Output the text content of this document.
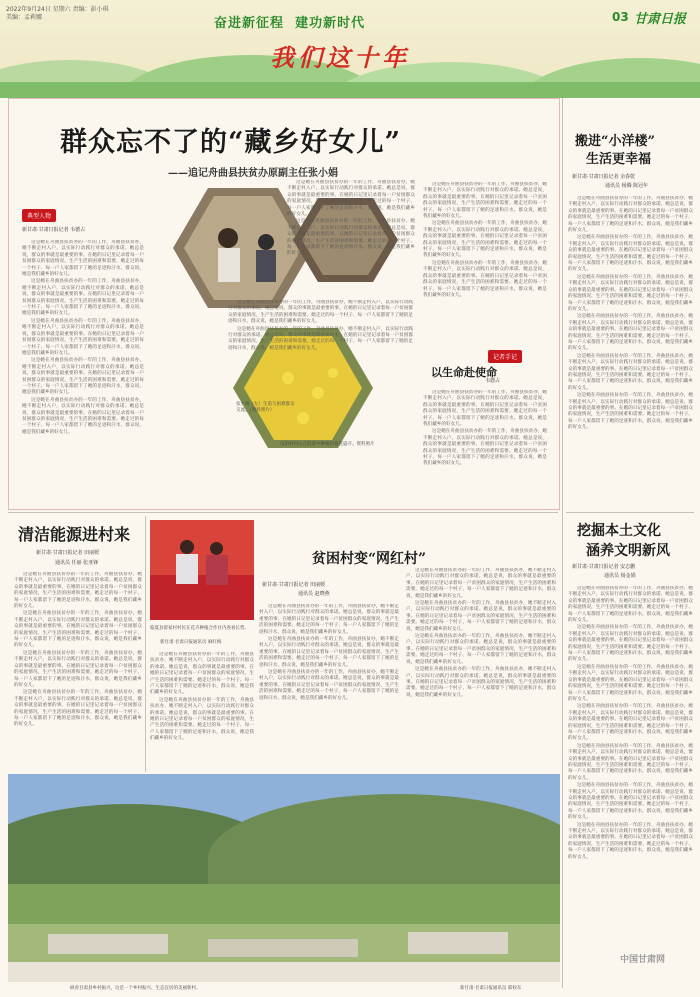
2022年9月24日 星期六 责编：彭小琪
美编：孟莉娜	奋进新征程 建功新时代
我们这十年
03 甘肃日报
群众忘不了的“藏乡好女儿”
——追记舟曲县扶贫办原副主任张小娟
典型人物
新甘肃·甘肃日报记者 韦德占

这是她在舟曲县扶贫办的一年的工作，舟曲县扶贫办，她不断走村入户，以实际行动践行对群众的承诺。她总是说，群众的事就是最重要的事。在她的日记里记录着每一户贫困群众的家庭情况，生产生活的困难和需要。她走过的每一个村子、每一户人家都留下了她的足迹和汗水，群众说，她是我们藏乡的好女儿。

这是她在舟曲县扶贫办的一年的工作，舟曲县扶贫办，她不断走村入户，以实际行动践行对群众的承诺。她总是说，群众的事就是最重要的事。在她的日记里记录着每一户贫困群众的家庭情况，生产生活的困难和需要。她走过的每一个村子、每一户人家都留下了她的足迹和汗水，群众说，她是我们藏乡的好女儿。

这是她在舟曲县扶贫办的一年的工作，舟曲县扶贫办，她不断走村入户，以实际行动践行对群众的承诺。她总是说，群众的事就是最重要的事。在她的日记里记录着每一户贫困群众的家庭情况，生产生活的困难和需要。她走过的每一个村子、每一户人家都留下了她的足迹和汗水，群众说，她是我们藏乡的好女儿。

这是她在舟曲县扶贫办的一年的工作，舟曲县扶贫办，她不断走村入户，以实际行动践行对群众的承诺。她总是说，群众的事就是最重要的事。在她的日记里记录着每一户贫困群众的家庭情况，生产生活的困难和需要。她走过的每一个村子、每一户人家都留下了她的足迹和汗水，群众说，她是我们藏乡的好女儿。

这是她在舟曲县扶贫办的一年的工作，舟曲县扶贫办，她不断走村入户，以实际行动践行对群众的承诺。她总是说，群众的事就是最重要的事。在她的日记里记录着每一户贫困群众的家庭情况，生产生活的困难和需要。她走过的每一个村子、每一户人家都留下了她的足迹和汗水，群众说，她是我们藏乡的好女儿。

张小娟（左）生前与困难群众交流。（资料照片）
瓜咱村村民在院落中种植的菊花盛开。资料照片

这是她在舟曲县扶贫办的一年的工作，舟曲县扶贫办，她不断走村入户，以实际行动践行对群众的承诺。她总是说，群众的事就是最重要的事。在她的日记里记录着每一户贫困群众的家庭情况，生产生活的困难和需要。她走过的每一个村子、每一户人家都留下了她的足迹和汗水，群众说，她是我们藏乡的好女儿。

这是她在舟曲县扶贫办的一年的工作，舟曲县扶贫办，她不断走村入户，以实际行动践行对群众的承诺。她总是说，群众的事就是最重要的事。在她的日记里记录着每一户贫困群众的家庭情况，生产生活的困难和需要。她走过的每一个村子、每一户人家都留下了她的足迹和汗水，群众说，她是我们藏乡的好女儿。

这是她在舟曲县扶贫办的一年的工作，舟曲县扶贫办，她不断走村入户，以实际行动践行对群众的承诺。她总是说，群众的事就是最重要的事。在她的日记里记录着每一户贫困群众的家庭情况，生产生活的困难和需要。她走过的每一个村子、每一户人家都留下了她的足迹和汗水，群众说，她是我们藏乡的好女儿。

这是她在舟曲县扶贫办的一年的工作，舟曲县扶贫办，她不断走村入户，以实际行动践行对群众的承诺。她总是说，群众的事就是最重要的事。在她的日记里记录着每一户贫困群众的家庭情况，生产生活的困难和需要。她走过的每一个村子、每一户人家都留下了她的足迹和汗水，群众说，她是我们藏乡的好女儿。

记者手记
以生命赴使命
韦德占

这是她在舟曲县扶贫办的一年的工作，舟曲县扶贫办，她不断走村入户，以实际行动践行对群众的承诺。她总是说，群众的事就是最重要的事。在她的日记里记录着每一户贫困群众的家庭情况，生产生活的困难和需要。她走过的每一个村子、每一户人家都留下了她的足迹和汗水，群众说，她是我们藏乡的好女儿。

这是她在舟曲县扶贫办的一年的工作，舟曲县扶贫办，她不断走村入户，以实际行动践行对群众的承诺。她总是说，群众的事就是最重要的事。在她的日记里记录着每一户贫困群众的家庭情况，生产生活的困难和需要。她走过的每一个村子、每一户人家都留下了她的足迹和汗水，群众说，她是我们藏乡的好女儿。

这是她在舟曲县扶贫办的一年的工作，舟曲县扶贫办，她不断走村入户，以实际行动践行对群众的承诺。她总是说，群众的事就是最重要的事。在她的日记里记录着每一户贫困群众的家庭情况，生产生活的困难和需要。她走过的每一个村子、每一户人家都留下了她的足迹和汗水，群众说，她是我们藏乡的好女儿。

这是她在舟曲县扶贫办的一年的工作，舟曲县扶贫办，她不断走村入户，以实际行动践行对群众的承诺。她总是说，群众的事就是最重要的事。在她的日记里记录着每一户贫困群众的家庭情况，生产生活的困难和需要。她走过的每一个村子、每一户人家都留下了她的足迹和汗水，群众说，她是我们藏乡的好女儿。

这是她在舟曲县扶贫办的一年的工作，舟曲县扶贫办，她不断走村入户，以实际行动践行对群众的承诺。她总是说，群众的事就是最重要的事。在她的日记里记录着每一户贫困群众的家庭情况，生产生活的困难和需要。她走过的每一个村子、每一户人家都留下了她的足迹和汗水，群众说，她是我们藏乡的好女儿。

搬进“小洋楼”
生活更幸福
新甘肃·甘肃日报记者 余春乾
通讯员 杨腾 陈冠年

这是她在舟曲县扶贫办的一年的工作，舟曲县扶贫办，她不断走村入户，以实际行动践行对群众的承诺。她总是说，群众的事就是最重要的事。在她的日记里记录着每一户贫困群众的家庭情况，生产生活的困难和需要。她走过的每一个村子、每一户人家都留下了她的足迹和汗水，群众说，她是我们藏乡的好女儿。

这是她在舟曲县扶贫办的一年的工作，舟曲县扶贫办，她不断走村入户，以实际行动践行对群众的承诺。她总是说，群众的事就是最重要的事。在她的日记里记录着每一户贫困群众的家庭情况，生产生活的困难和需要。她走过的每一个村子、每一户人家都留下了她的足迹和汗水，群众说，她是我们藏乡的好女儿。

这是她在舟曲县扶贫办的一年的工作，舟曲县扶贫办，她不断走村入户，以实际行动践行对群众的承诺。她总是说，群众的事就是最重要的事。在她的日记里记录着每一户贫困群众的家庭情况，生产生活的困难和需要。她走过的每一个村子、每一户人家都留下了她的足迹和汗水，群众说，她是我们藏乡的好女儿。

这是她在舟曲县扶贫办的一年的工作，舟曲县扶贫办，她不断走村入户，以实际行动践行对群众的承诺。她总是说，群众的事就是最重要的事。在她的日记里记录着每一户贫困群众的家庭情况，生产生活的困难和需要。她走过的每一个村子、每一户人家都留下了她的足迹和汗水，群众说，她是我们藏乡的好女儿。

这是她在舟曲县扶贫办的一年的工作，舟曲县扶贫办，她不断走村入户，以实际行动践行对群众的承诺。她总是说，群众的事就是最重要的事。在她的日记里记录着每一户贫困群众的家庭情况，生产生活的困难和需要。她走过的每一个村子、每一户人家都留下了她的足迹和汗水，群众说，她是我们藏乡的好女儿。

这是她在舟曲县扶贫办的一年的工作，舟曲县扶贫办，她不断走村入户，以实际行动践行对群众的承诺。她总是说，群众的事就是最重要的事。在她的日记里记录着每一户贫困群众的家庭情况，生产生活的困难和需要。她走过的每一个村子、每一户人家都留下了她的足迹和汗水，群众说，她是我们藏乡的好女儿。

挖掘本土文化
涵养文明新风
新甘肃·甘肃日报记者 安志鹏
通讯员 杨金娟

这是她在舟曲县扶贫办的一年的工作，舟曲县扶贫办，她不断走村入户，以实际行动践行对群众的承诺。她总是说，群众的事就是最重要的事。在她的日记里记录着每一户贫困群众的家庭情况，生产生活的困难和需要。她走过的每一个村子、每一户人家都留下了她的足迹和汗水，群众说，她是我们藏乡的好女儿。

这是她在舟曲县扶贫办的一年的工作，舟曲县扶贫办，她不断走村入户，以实际行动践行对群众的承诺。她总是说，群众的事就是最重要的事。在她的日记里记录着每一户贫困群众的家庭情况，生产生活的困难和需要。她走过的每一个村子、每一户人家都留下了她的足迹和汗水，群众说，她是我们藏乡的好女儿。

这是她在舟曲县扶贫办的一年的工作，舟曲县扶贫办，她不断走村入户，以实际行动践行对群众的承诺。她总是说，群众的事就是最重要的事。在她的日记里记录着每一户贫困群众的家庭情况，生产生活的困难和需要。她走过的每一个村子、每一户人家都留下了她的足迹和汗水，群众说，她是我们藏乡的好女儿。

这是她在舟曲县扶贫办的一年的工作，舟曲县扶贫办，她不断走村入户，以实际行动践行对群众的承诺。她总是说，群众的事就是最重要的事。在她的日记里记录着每一户贫困群众的家庭情况，生产生活的困难和需要。她走过的每一个村子、每一户人家都留下了她的足迹和汗水，群众说，她是我们藏乡的好女儿。

这是她在舟曲县扶贫办的一年的工作，舟曲县扶贫办，她不断走村入户，以实际行动践行对群众的承诺。她总是说，群众的事就是最重要的事。在她的日记里记录着每一户贫困群众的家庭情况，生产生活的困难和需要。她走过的每一个村子、每一户人家都留下了她的足迹和汗水，群众说，她是我们藏乡的好女儿。

这是她在舟曲县扶贫办的一年的工作，舟曲县扶贫办，她不断走村入户，以实际行动践行对群众的承诺。她总是说，群众的事就是最重要的事。在她的日记里记录着每一户贫困群众的家庭情况，生产生活的困难和需要。她走过的每一个村子、每一户人家都留下了她的足迹和汗水，群众说，她是我们藏乡的好女儿。

这是她在舟曲县扶贫办的一年的工作，舟曲县扶贫办，她不断走村入户，以实际行动践行对群众的承诺。她总是说，群众的事就是最重要的事。在她的日记里记录着每一户贫困群众的家庭情况，生产生活的困难和需要。她走过的每一个村子、每一户人家都留下了她的足迹和汗水，群众说，她是我们藏乡的好女儿。

清洁能源进村来
新甘肃·甘肃日报记者 田丽媛
通讯员 任丽 张亚锋

这是她在舟曲县扶贫办的一年的工作，舟曲县扶贫办，她不断走村入户，以实际行动践行对群众的承诺。她总是说，群众的事就是最重要的事。在她的日记里记录着每一户贫困群众的家庭情况，生产生活的困难和需要。她走过的每一个村子、每一户人家都留下了她的足迹和汗水，群众说，她是我们藏乡的好女儿。

这是她在舟曲县扶贫办的一年的工作，舟曲县扶贫办，她不断走村入户，以实际行动践行对群众的承诺。她总是说，群众的事就是最重要的事。在她的日记里记录着每一户贫困群众的家庭情况，生产生活的困难和需要。她走过的每一个村子、每一户人家都留下了她的足迹和汗水，群众说，她是我们藏乡的好女儿。

这是她在舟曲县扶贫办的一年的工作，舟曲县扶贫办，她不断走村入户，以实际行动践行对群众的承诺。她总是说，群众的事就是最重要的事。在她的日记里记录着每一户贫困群众的家庭情况，生产生活的困难和需要。她走过的每一个村子、每一户人家都留下了她的足迹和汗水，群众说，她是我们藏乡的好女儿。

这是她在舟曲县扶贫办的一年的工作，舟曲县扶贫办，她不断走村入户，以实际行动践行对群众的承诺。她总是说，群众的事就是最重要的事。在她的日记里记录着每一户贫困群众的家庭情况，生产生活的困难和需要。她走过的每一个村子、每一户人家都留下了她的足迹和汗水，群众说，她是我们藏乡的好女儿。

临夏县翟家村村民在花卉种植合作社内查看长势。
新甘肃·甘肃日报通讯员 麻红梅

这是她在舟曲县扶贫办的一年的工作，舟曲县扶贫办，她不断走村入户，以实际行动践行对群众的承诺。她总是说，群众的事就是最重要的事。在她的日记里记录着每一户贫困群众的家庭情况，生产生活的困难和需要。她走过的每一个村子、每一户人家都留下了她的足迹和汗水，群众说，她是我们藏乡的好女儿。

这是她在舟曲县扶贫办的一年的工作，舟曲县扶贫办，她不断走村入户，以实际行动践行对群众的承诺。她总是说，群众的事就是最重要的事。在她的日记里记录着每一户贫困群众的家庭情况，生产生活的困难和需要。她走过的每一个村子、每一户人家都留下了她的足迹和汗水，群众说，她是我们藏乡的好女儿。

贫困村变“网红村”
新甘肃·甘肃日报记者 田丽媛
通讯员 赵晓燕

这是她在舟曲县扶贫办的一年的工作，舟曲县扶贫办，她不断走村入户，以实际行动践行对群众的承诺。她总是说，群众的事就是最重要的事。在她的日记里记录着每一户贫困群众的家庭情况，生产生活的困难和需要。她走过的每一个村子、每一户人家都留下了她的足迹和汗水，群众说，她是我们藏乡的好女儿。

这是她在舟曲县扶贫办的一年的工作，舟曲县扶贫办，她不断走村入户，以实际行动践行对群众的承诺。她总是说，群众的事就是最重要的事。在她的日记里记录着每一户贫困群众的家庭情况，生产生活的困难和需要。她走过的每一个村子、每一户人家都留下了她的足迹和汗水，群众说，她是我们藏乡的好女儿。

这是她在舟曲县扶贫办的一年的工作，舟曲县扶贫办，她不断走村入户，以实际行动践行对群众的承诺。她总是说，群众的事就是最重要的事。在她的日记里记录着每一户贫困群众的家庭情况，生产生活的困难和需要。她走过的每一个村子、每一户人家都留下了她的足迹和汗水，群众说，她是我们藏乡的好女儿。

这是她在舟曲县扶贫办的一年的工作，舟曲县扶贫办，她不断走村入户，以实际行动践行对群众的承诺。她总是说，群众的事就是最重要的事。在她的日记里记录着每一户贫困群众的家庭情况，生产生活的困难和需要。她走过的每一个村子、每一户人家都留下了她的足迹和汗水，群众说，她是我们藏乡的好女儿。

这是她在舟曲县扶贫办的一年的工作，舟曲县扶贫办，她不断走村入户，以实际行动践行对群众的承诺。她总是说，群众的事就是最重要的事。在她的日记里记录着每一户贫困群众的家庭情况，生产生活的困难和需要。她走过的每一个村子、每一户人家都留下了她的足迹和汗水，群众说，她是我们藏乡的好女儿。

这是她在舟曲县扶贫办的一年的工作，舟曲县扶贫办，她不断走村入户，以实际行动践行对群众的承诺。她总是说，群众的事就是最重要的事。在她的日记里记录着每一户贫困群众的家庭情况，生产生活的困难和需要。她走过的每一个村子、每一户人家都留下了她的足迹和汗水，群众说，她是我们藏乡的好女儿。

这是她在舟曲县扶贫办的一年的工作，舟曲县扶贫办，她不断走村入户，以实际行动践行对群众的承诺。她总是说，群众的事就是最重要的事。在她的日记里记录着每一户贫困群众的家庭情况，生产生活的困难和需要。她走过的每一个村子、每一户人家都留下了她的足迹和汗水，群众说，她是我们藏乡的好女儿。

纵看甘肃县乡村振兴，这是一个乡村振兴、生态宜居的美丽新村。	新甘肃·甘肃日报通讯员 耶栓东
中国甘肃网
